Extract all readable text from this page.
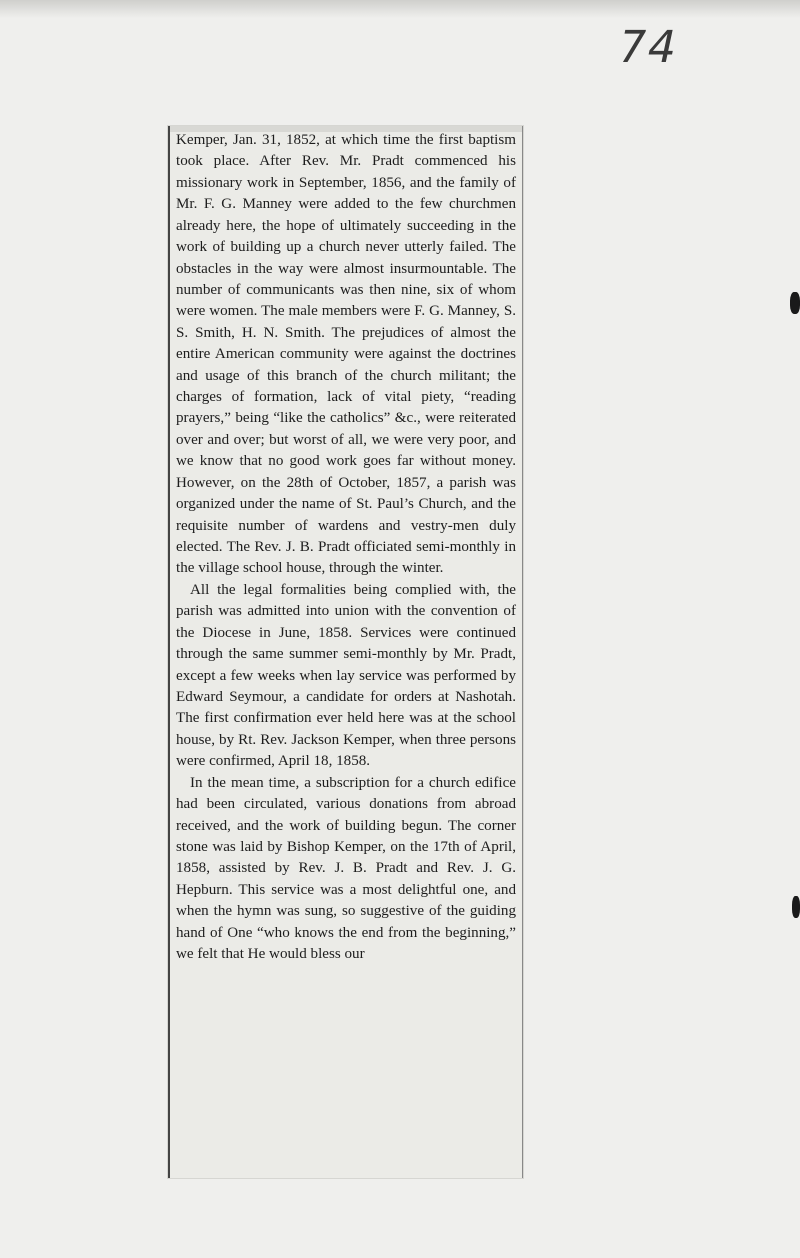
74

Kemper, Jan. 31, 1852, at which time the first baptism took place. After Rev. Mr. Pradt commenced his missionary work in September, 1856, and the family of Mr. F. G. Manney were added to the few churchmen already here, the hope of ultimately succeeding in the work of building up a church never utterly failed. The obstacles in the way were almost insurmountable. The number of communicants was then nine, six of whom were women. The male members were F. G. Manney, S. S. Smith, H. N. Smith. The prejudices of almost the entire American community were against the doctrines and usage of this branch of the church militant; the charges of formation, lack of vital piety, “reading prayers,” being “like the catholics” &c., were reiterated over and over; but worst of all, we were very poor, and we know that no good work goes far without money. However, on the 28th of October, 1857, a parish was organized under the name of St. Paul’s Church, and the requisite number of wardens and vestry-men duly elected. The Rev. J. B. Pradt officiated semi-monthly in the village school house, through the winter.

All the legal formalities being complied with, the parish was admitted into union with the convention of the Diocese in June, 1858. Services were continued through the same summer semi-monthly by Mr. Pradt, except a few weeks when lay service was performed by Edward Seymour, a candidate for orders at Nashotah. The first confirmation ever held here was at the school house, by Rt. Rev. Jackson Kemper, when three persons were confirmed, April 18, 1858.

In the mean time, a subscription for a church edifice had been circulated, various donations from abroad received, and the work of building begun. The corner stone was laid by Bishop Kemper, on the 17th of April, 1858, assisted by Rev. J. B. Pradt and Rev. J. G. Hepburn. This service was a most delightful one, and when the hymn was sung, so suggestive of the guiding hand of One “who knows the end from the beginning,” we felt that He would bless our
